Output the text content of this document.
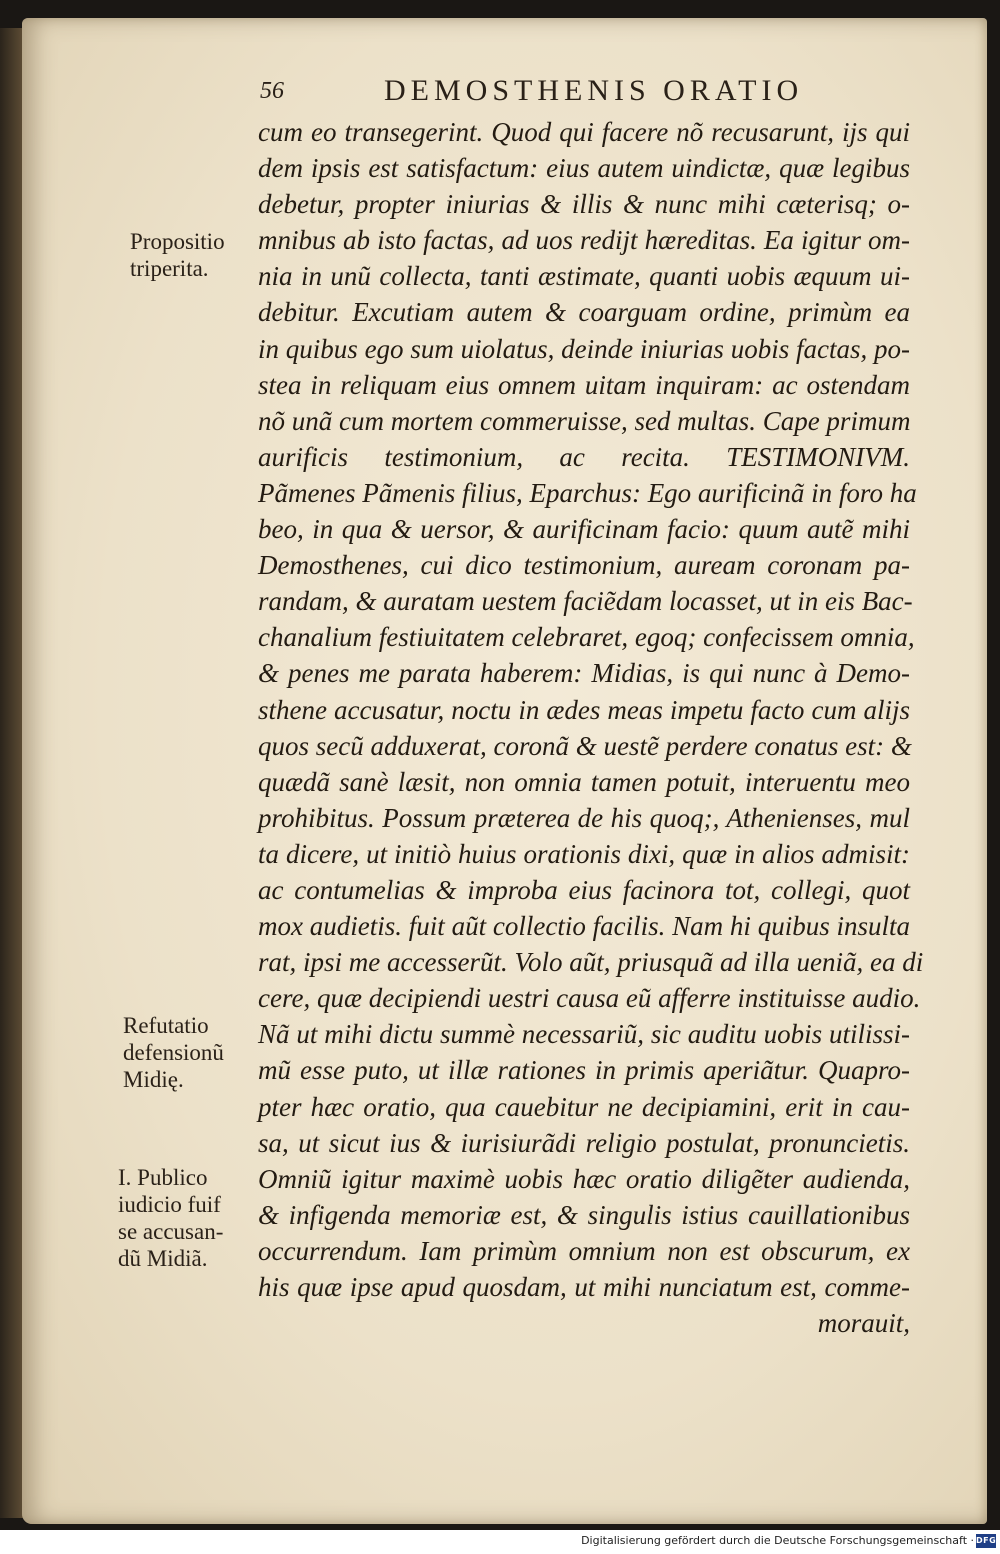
56	DEMOSTHENIS ORATIO
cum eo transegerint. Quod qui facere nõ recusarunt, ijs qui
dem ipsis est satisfactum: eius autem uindictæ, quæ legibus
debetur, propter iniurias & illis & nunc mihi cæterisq; o-
mnibus ab isto factas, ad uos redijt hæreditas. Ea igitur om-
nia in unũ collecta, tanti æstimate, quanti uobis æquum ui-
debitur. Excutiam autem & coarguam ordine, primùm ea
in quibus ego sum uiolatus, deinde iniurias uobis factas, po-
stea in reliquam eius omnem uitam inquiram: ac ostendam
nõ unã cum mortem commeruisse, sed multas. Cape primum
aurificis testimonium, ac recita. TESTIMONIVM.
Pãmenes Pãmenis filius, Eparchus: Ego aurificinã in foro ha
beo, in qua & uersor, & aurificinam facio: quum autẽ mihi
Demosthenes, cui dico testimonium, auream coronam pa-
randam, & auratam uestem faciẽdam locasset, ut in eis Bac-
chanalium festiuitatem celebraret, egoq; confecissem omnia,
& penes me parata haberem: Midias, is qui nunc à Demo-
sthene accusatur, noctu in ædes meas impetu facto cum alijs
quos secũ adduxerat, coronã & uestẽ perdere conatus est: &
quædã sanè læsit, non omnia tamen potuit, interuentu meo
prohibitus. Possum præterea de his quoq;, Athenienses, mul
ta dicere, ut initiò huius orationis dixi, quæ in alios admisit:
ac contumelias & improba eius facinora tot, collegi, quot
mox audietis. fuit aũt collectio facilis. Nam hi quibus insulta
rat, ipsi me accesserũt. Volo aũt, priusquã ad illa ueniã, ea di
cere, quæ decipiendi uestri causa eũ afferre instituisse audio.
Nã ut mihi dictu summè necessariũ, sic auditu uobis utilissi-
mũ esse puto, ut illæ rationes in primis aperiãtur. Quapro-
pter hæc oratio, qua cauebitur ne decipiamini, erit in cau-
sa, ut sicut ius & iurisiurãdi religio postulat, pronuncietis.
Omniũ igitur maximè uobis hæc oratio diligẽter audienda,
& infigenda memoriæ est, & singulis istius cauillationibus
occurrendum. Iam primùm omnium non est obscurum, ex
his quæ ipse apud quosdam, ut mihi nunciatum est, comme-
morauit,
Propositio
triperita.
Refutatio
defensionũ
Midię.
I. Publico
iudicio fuif
se accusan-
dũ Midiã.
Digitalisierung gefördert durch die Deutsche Forschungsgemeinschaft · DFG
